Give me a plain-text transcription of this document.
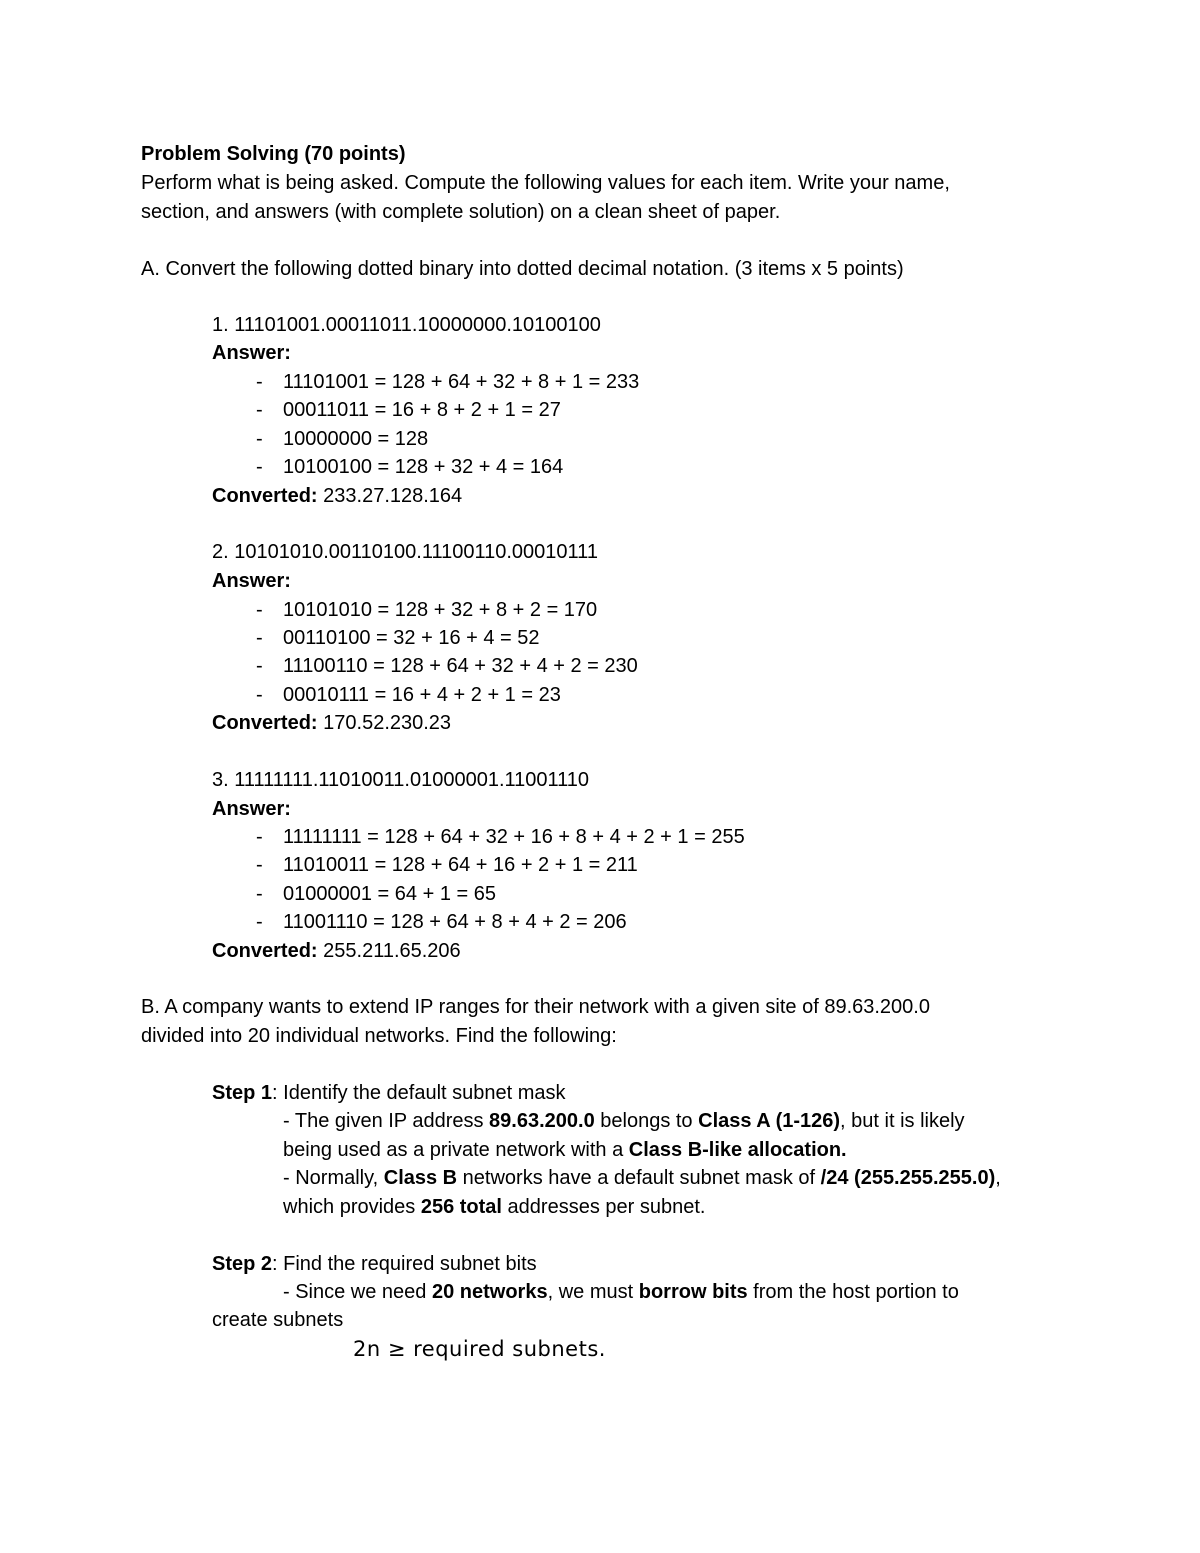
Problem Solving (70 points)
Perform what is being asked. Compute the following values for each item. Write your name,
section, and answers (with complete solution) on a clean sheet of paper.
A. Convert the following dotted binary into dotted decimal notation. (3 items x 5 points)
1. 11101001.00011011.10000000.10100100
Answer:
- 11101001 = 128 + 64 + 32 + 8 + 1 = 233
- 00011011 = 16 + 8 + 2 + 1 = 27
- 10000000 = 128
- 10100100 = 128 + 32 + 4 = 164
Converted: 233.27.128.164
2. 10101010.00110100.11100110.00010111
Answer:
- 10101010 = 128 + 32 + 8 + 2 = 170
- 00110100 = 32 + 16 + 4 = 52
- 11100110 = 128 + 64 + 32 + 4 + 2 = 230
- 00010111 = 16 + 4 + 2 + 1 = 23
Converted: 170.52.230.23
3. 11111111.11010011.01000001.11001110
Answer:
- 11111111 = 128 + 64 + 32 + 16 + 8 + 4 + 2 + 1 = 255
- 11010011 = 128 + 64 + 16 + 2 + 1 = 211
- 01000001 = 64 + 1 = 65
- 11001110 = 128 + 64 + 8 + 4 + 2 = 206
Converted: 255.211.65.206
B. A company wants to extend IP ranges for their network with a given site of 89.63.200.0
divided into 20 individual networks. Find the following:
Step 1: Identify the default subnet mask
- The given IP address 89.63.200.0 belongs to Class A (1-126), but it is likely
being used as a private network with a Class B-like allocation.
- Normally, Class B networks have a default subnet mask of /24 (255.255.255.0),
which provides 256 total addresses per subnet.
Step 2: Find the required subnet bits
- Since we need 20 networks, we must borrow bits from the host portion to
create subnets
2n ≥ required subnets.
